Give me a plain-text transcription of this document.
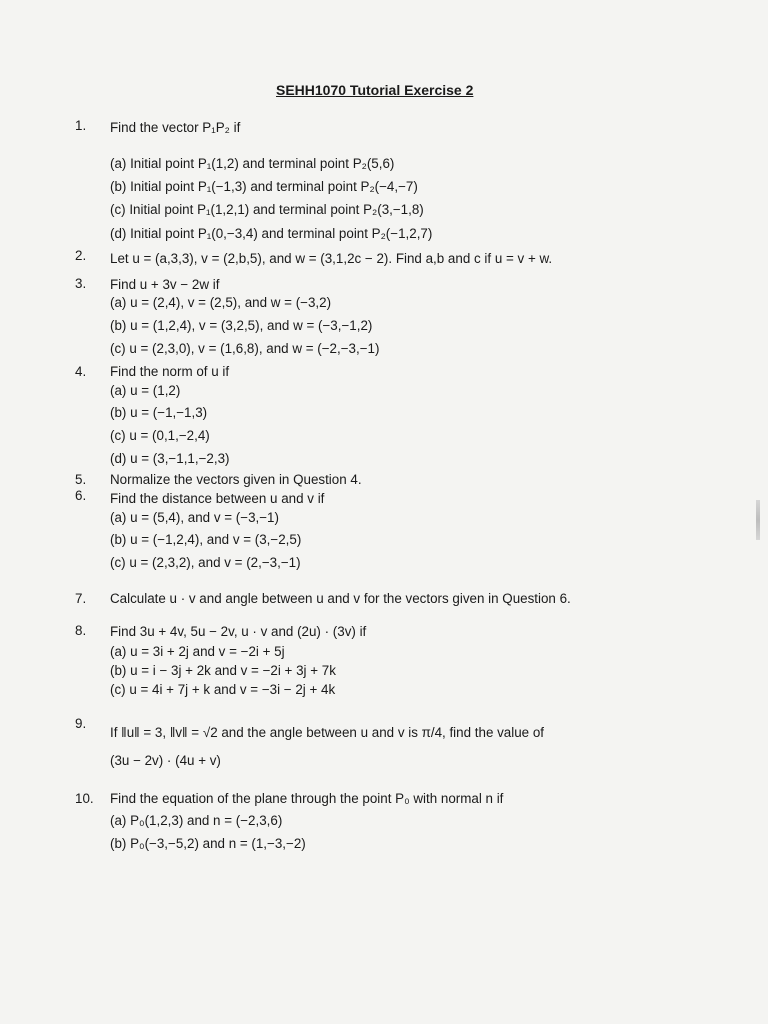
SEHH1070 Tutorial Exercise 2
1. Find the vector P₁P₂ if
(a) Initial point P₁(1,2) and terminal point P₂(5,6)
(b) Initial point P₁(−1,3) and terminal point P₂(−4,−7)
(c) Initial point P₁(1,2,1) and terminal point P₂(3,−1,8)
(d) Initial point P₁(0,−3,4) and terminal point P₂(−1,2,7)
2. Let u = (a,3,3), v = (2,b,5), and w = (3,1,2c − 2). Find a,b and c if u = v + w.
3. Find u + 3v − 2w if
(a) u = (2,4), v = (2,5), and w = (−3,2)
(b) u = (1,2,4), v = (3,2,5), and w = (−3,−1,2)
(c) u = (2,3,0), v = (1,6,8), and w = (−2,−3,−1)
4. Find the norm of u if
(a) u = (1,2)
(b) u = (−1,−1,3)
(c) u = (0,1,−2,4)
(d) u = (3,−1,1,−2,3)
5. Normalize the vectors given in Question 4.
6. Find the distance between u and v if
(a) u = (5,4), and v = (−3,−1)
(b) u = (−1,2,4), and v = (3,−2,5)
(c) u = (2,3,2), and v = (2,−3,−1)
7. Calculate u · v and angle between u and v for the vectors given in Question 6.
8. Find 3u + 4v, 5u − 2v, u · v and (2u) · (3v) if
(a) u = 3i + 2j and v = −2i + 5j
(b) u = i − 3j + 2k and v = −2i + 3j + 7k
(c) u = 4i + 7j + k and v = −3i − 2j + 4k
9.
If ‖u‖ = 3, ‖v‖ = √2 and the angle between u and v is π/4, find the value of
(3u − 2v) · (4u + v)
10. Find the equation of the plane through the point P₀ with normal n if
(a) P₀(1,2,3) and n = (−2,3,6)
(b) P₀(−3,−5,2) and n = (1,−3,−2)
